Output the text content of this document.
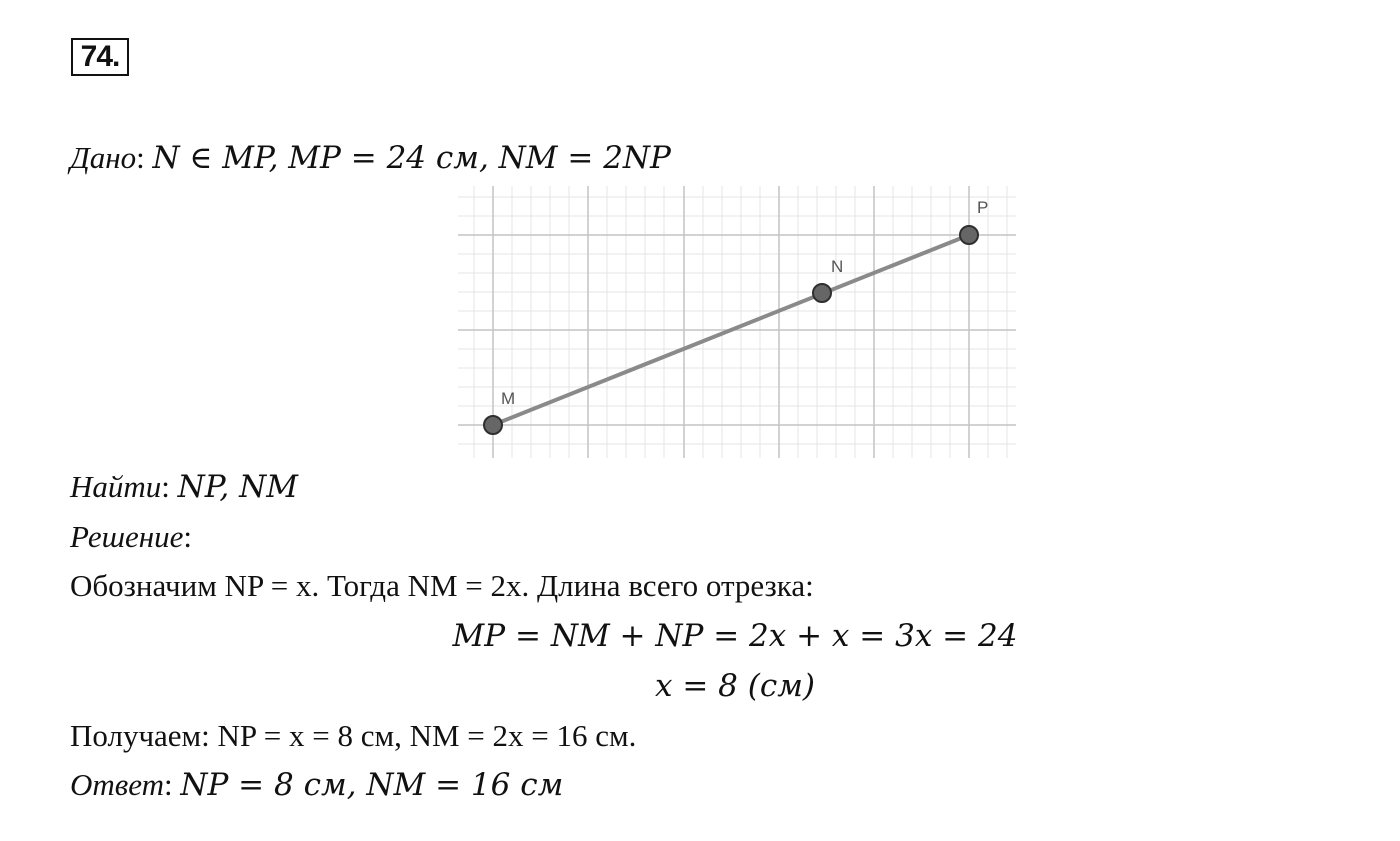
74.
Дано: N ∈ MP, MP = 24 см, NM = 2NP
M
N
P
Найти: NP, NM
Решение:
Обозначим NP = x. Тогда NM = 2x. Длина всего отрезка:
MP = NM + NP = 2x + x = 3x = 24
x = 8 (см)
Получаем: NP = x = 8 см, NM = 2x = 16 см.
Ответ: NP = 8 см, NM = 16 см
